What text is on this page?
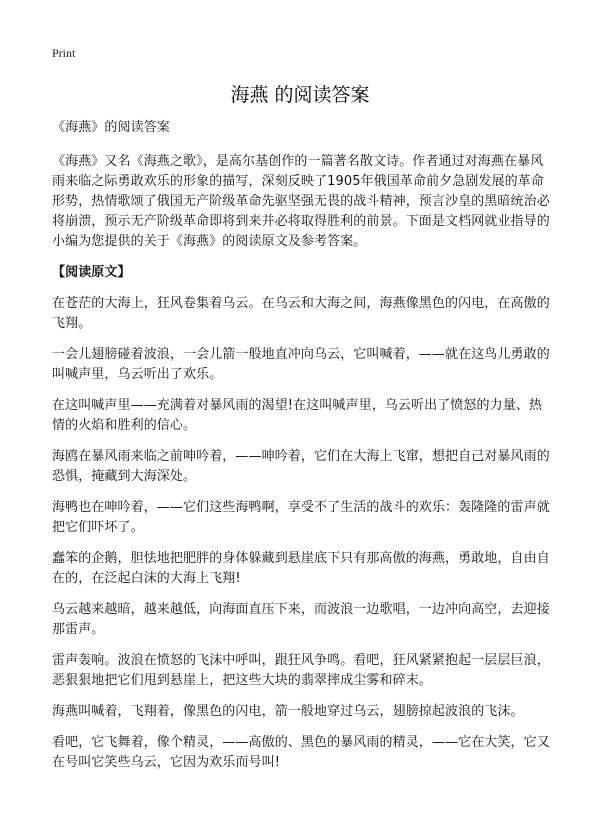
Print
海燕 的阅读答案

《海燕》的阅读答案

《海燕》又名《海燕之歌》，是高尔基创作的一篇著名散文诗。作者通过对海燕在暴风雨来临之际勇敢欢乐的形象的描写，深刻反映了1905年俄国革命前夕急剧发展的革命形势，热情歌颂了俄国无产阶级革命先驱坚强无畏的战斗精神，预言沙皇的黑暗统治必将崩溃，预示无产阶级革命即将到来并必将取得胜利的前景。下面是文档网就业指导的小编为您提供的关于《海燕》的阅读原文及参考答案。

【阅读原文】

在苍茫的大海上，狂风卷集着乌云。在乌云和大海之间，海燕像黑色的闪电，在高傲的飞翔。

一会儿翅膀碰着波浪，一会儿箭一般地直冲向乌云，它叫喊着，——就在这鸟儿勇敢的叫喊声里，乌云听出了欢乐。

在这叫喊声里——充满着对暴风雨的渴望!在这叫喊声里，乌云听出了愤怒的力量、热情的火焰和胜利的信心。

海鸥在暴风雨来临之前呻吟着，——呻吟着，它们在大海上飞窜，想把自己对暴风雨的恐惧，掩藏到大海深处。

海鸭也在呻吟着，——它们这些海鸭啊，享受不了生活的战斗的欢乐：轰隆隆的雷声就把它们吓坏了。

蠢笨的企鹅，胆怯地把肥胖的身体躲藏到悬崖底下只有那高傲的海燕，勇敢地，自由自在的，在泛起白沫的大海上飞翔!

乌云越来越暗，越来越低，向海面直压下来，而波浪一边歌唱，一边冲向高空，去迎接那雷声。

雷声轰响。波浪在愤怒的飞沫中呼叫，跟狂风争鸣。看吧，狂风紧紧抱起一层层巨浪，恶狠狠地把它们甩到悬崖上，把这些大块的翡翠摔成尘雾和碎末。

海燕叫喊着，飞翔着，像黑色的闪电，箭一般地穿过乌云，翅膀掠起波浪的飞沫。

看吧，它飞舞着，像个精灵，——高傲的、黑色的暴风雨的精灵，——它在大笑，它又在号叫它笑些乌云，它因为欢乐而号叫!
